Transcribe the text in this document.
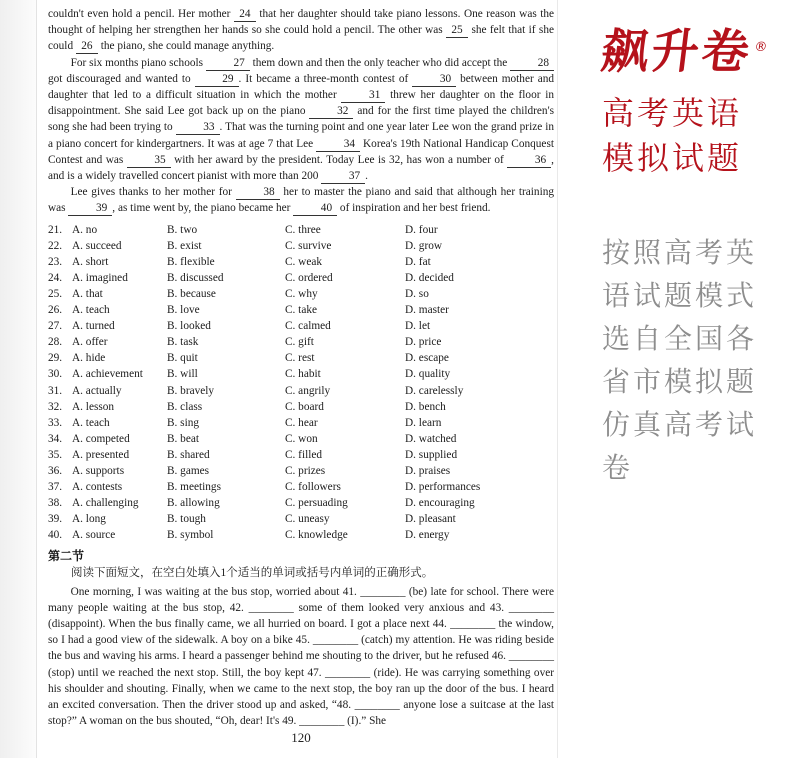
couldn't even hold a pencil. Her mother 24 that her daughter should take piano lessons. One reason was the thought of helping her strengthen her hands so she could hold a pencil. The other was 25 she felt that if she could 26 the piano, she could manage anything.

For six months piano schools 27 them down and then the only teacher who did accept the 28 got discouraged and wanted to 29 . It became a three-month contest of 30 between mother and daughter that led to a difficult situation in which the mother 31 threw her daughter on the floor in disappointment. She said Lee got back up on the piano 32 and for the first time played the children's song she had been trying to 33 . That was the turning point and one year later Lee won the grand prize in a piano concert for kindergartners. It was at age 7 that Lee 34 Korea's 19th National Handicap Conquest Contest and was 35 with her award by the president. Today Lee is 32, has won a number of 36 , and is a widely travelled concert pianist with more than 200 37 .

Lee gives thanks to her mother for 38 her to master the piano and said that although her training was 39 , as time went by, the piano became her 40 of inspiration and her best friend.

21. A. no	B. two	C. three	D. four
22. A. succeed	B. exist	C. survive	D. grow
23. A. short	B. flexible	C. weak	D. fat
24. A. imagined	B. discussed	C. ordered	D. decided
25. A. that	B. because	C. why	D. so
26. A. teach	B. love	C. take	D. master
27. A. turned	B. looked	C. calmed	D. let
28. A. offer	B. task	C. gift	D. price
29. A. hide	B. quit	C. rest	D. escape
30. A. achievement	B. will	C. habit	D. quality
31. A. actually	B. bravely	C. angrily	D. carelessly
32. A. lesson	B. class	C. board	D. bench
33. A. teach	B. sing	C. hear	D. learn
34. A. competed	B. beat	C. won	D. watched
35. A. presented	B. shared	C. filled	D. supplied
36. A. supports	B. games	C. prizes	D. praises
37. A. contests	B. meetings	C. followers	D. performances
38. A. challenging	B. allowing	C. persuading	D. encouraging
39. A. long	B. tough	C. uneasy	D. pleasant
40. A. source	B. symbol	C. knowledge	D. energy
第二节
阅读下面短文，在空白处填入1个适当的单词或括号内单词的正确形式。
One morning, I was waiting at the bus stop, worried about 41. ________ (be) late for school. There were many people waiting at the bus stop, 42. ________ some of them looked very anxious and 43. ________ (disappoint). When the bus finally came, we all hurried on board. I got a place next 44. ________ the window, so I had a good view of the sidewalk. A boy on a bike 45. ________ (catch) my attention. He was riding beside the bus and waving his arms. I heard a passenger behind me shouting to the driver, but he refused 46. ________ (stop) until we reached the next stop. Still, the boy kept 47. ________ (ride). He was carrying something over his shoulder and shouting. Finally, when we came to the next stop, the boy ran up the door of the bus. I heard an excited conversation. Then the driver stood up and asked, “48. ________ anyone lose a suitcase at the last stop?” A woman on the bus shouted, “Oh, dear! It's 49. ________ (I).” She
120
飙升卷®
高考英语
模拟试题
按照高考英
语试题模式
选自全国各
省市模拟题
仿真高考试
卷
